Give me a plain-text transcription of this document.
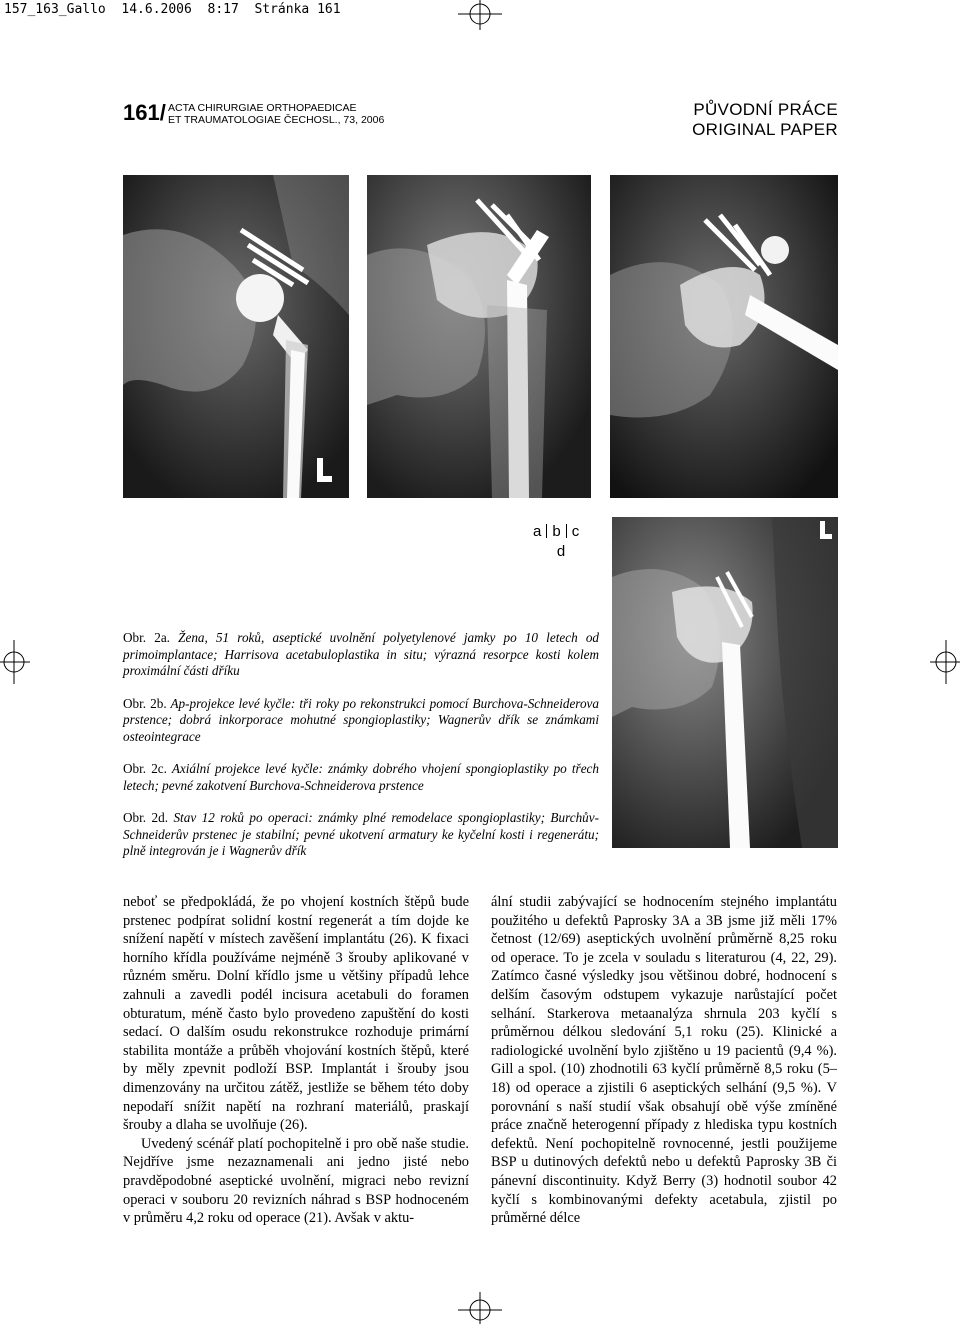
157_163_Gallo  14.6.2006  8:17  Stránka 161
161/ ACTA CHIRURGIAE ORTHOPAEDICAE
ET TRAUMATOLOGIAE ČECHOSL., 73, 2006
PŮVODNÍ PRÁCE
ORIGINAL PAPER
a b c
d

Obr. 2a. Žena, 51 roků, aseptické uvolnění polyetylenové jamky po 10 letech od primoimplantace; Harrisova acetabuloplastika in situ; výrazná resorpce kosti kolem proximální části dříku

Obr. 2b. Ap-projekce levé kyčle: tři roky po rekonstrukci pomocí Burchova-Schneiderova prstence; dobrá inkorporace mohutné spongioplastiky; Wagnerův dřík se známkami osteointegrace

Obr. 2c. Axiální projekce levé kyčle: známky dobrého vhojení spongioplastiky po třech letech; pevné zakotvení Burchova-Schneiderova prstence

Obr. 2d. Stav 12 roků po operaci: známky plné remodelace spongioplastiky; Burchův-Schneiderův prstenec je stabilní; pevné ukotvení armatury ke kyčelní kosti i regenerátu; plně integrován je i Wagnerův dřík

neboť se předpokládá, že po vhojení kostních štěpů bude prstenec podpírat solidní kostní regenerát a tím dojde ke snížení napětí v místech zavěšení implantátu (26). K fixaci horního křídla používáme nejméně 3 šrouby aplikované v různém směru. Dolní křídlo jsme u většiny případů lehce zahnuli a zavedli podél incisura acetabuli do foramen obturatum, méně často bylo provedeno zapuštění do kosti sedací. O dalším osudu rekonstrukce rozhoduje primární stabilita montáže a průběh vhojování kostních štěpů, které by měly zpevnit podloží BSP. Implantát i šrouby jsou dimenzovány na určitou zátěž, jestliže se během této doby nepodaří snížit napětí na rozhraní materiálů, praskají šrouby a dlaha se uvolňuje (26).

Uvedený scénář platí pochopitelně i pro obě naše studie. Nejdříve jsme nezaznamenali ani jedno jisté nebo pravděpodobné aseptické uvolnění, migraci nebo revizní operaci v souboru 20 revizních náhrad s BSP hodnoceném v průměru 4,2 roku od operace (21). Avšak v aktu-

ální studii zabývající se hodnocením stejného implantátu použitého u defektů Paprosky 3A a 3B jsme již měli 17% četnost (12/69) aseptických uvolnění průměrně 8,25 roku od operace. To je zcela v souladu s literaturou (4, 22, 29). Zatímco časné výsledky jsou většinou dobré, hodnocení s delším časovým odstupem vykazuje narůstající počet selhání. Starkerova metaanalýza shrnula 203 kyčlí s průměrnou délkou sledování 5,1 roku (25). Klinické a radiologické uvolnění bylo zjištěno u 19 pacientů (9,4 %). Gill a spol. (10) zhodnotili 63 kyčlí průměrně 8,5 roku (5–18) od operace a zjistili 6 aseptických selhání (9,5 %). V porovnání s naší studií však obsahují obě výše zmíněné práce značně heterogenní případy z hlediska typu kostních defektů. Není pochopitelně rovnocenné, jestli použijeme BSP u dutinových defektů nebo u defektů Paprosky 3B či pánevní discontinuity. Když Berry (3) hodnotil soubor 42 kyčlí s kombinovanými defekty acetabula, zjistil po průměrné délce
